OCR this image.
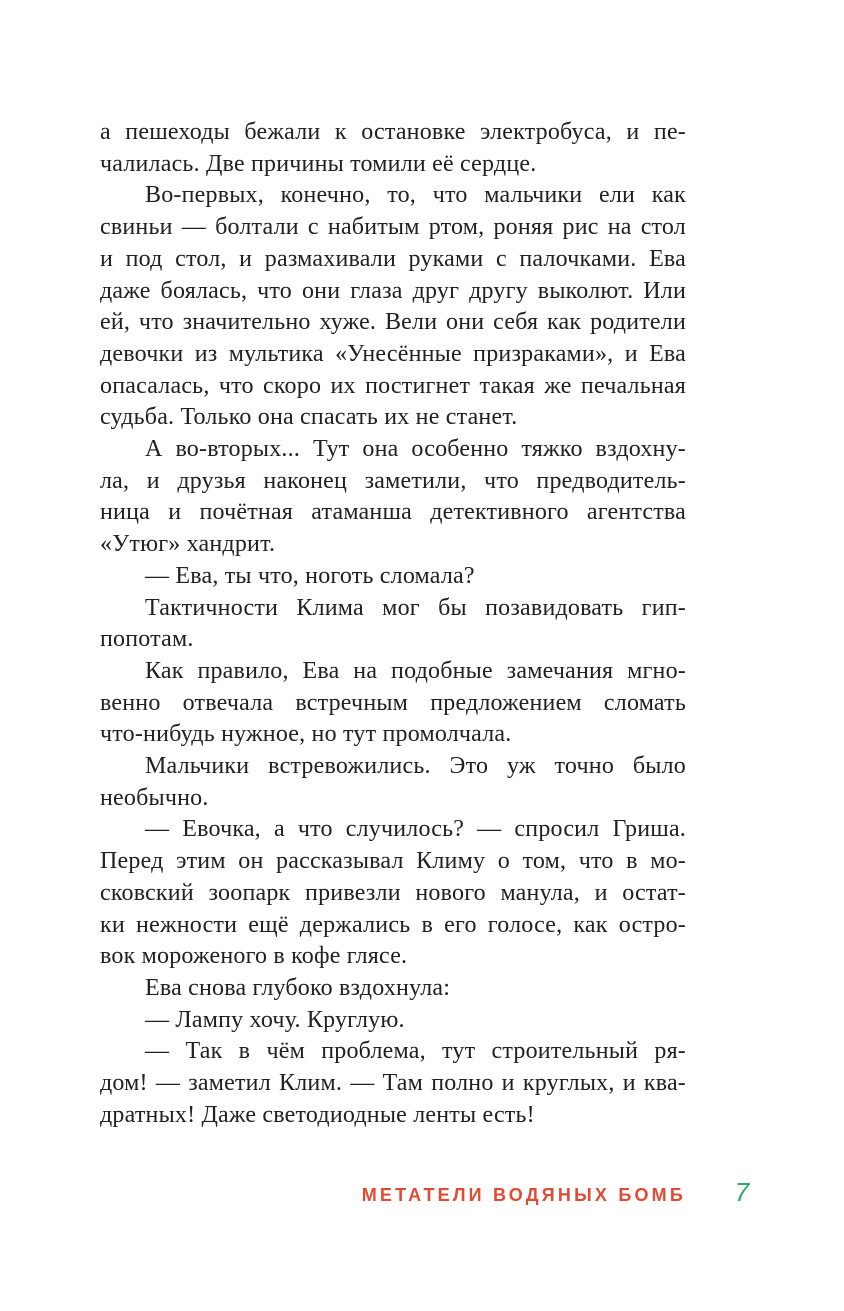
а пешеходы бежали к остановке электробуса, и пе-
чалилась. Две причины томили её сердце.
Во-первых, конечно, то, что мальчики ели как
свиньи — болтали с набитым ртом, роняя рис на стол
и под стол, и размахивали руками с палочками. Ева
даже боялась, что они глаза друг другу выколют. Или
ей, что значительно хуже. Вели они себя как родители
девочки из мультика «Унесённые призраками», и Ева
опасалась, что скоро их постигнет такая же печальная
судьба. Только она спасать их не станет.
А во-вторых... Тут она особенно тяжко вздохну-
ла, и друзья наконец заметили, что предводитель-
ница и почётная атаманша детективного агентства
«Утюг» хандрит.
— Ева, ты что, ноготь сломала?
Тактичности Клима мог бы позавидовать гип-
попотам.
Как правило, Ева на подобные замечания мгно-
венно отвечала встречным предложением сломать
что-нибудь нужное, но тут промолчала.
Мальчики встревожились. Это уж точно было
необычно.
— Евочка, а что случилось? — спросил Гриша.
Перед этим он рассказывал Климу о том, что в мо-
сковский зоопарк привезли нового манула, и остат-
ки нежности ещё держались в его голосе, как остро-
вок мороженого в кофе глясе.
Ева снова глубоко вздохнула:
— Лампу хочу. Круглую.
— Так в чём проблема, тут строительный ря-
дом! — заметил Клим. — Там полно и круглых, и ква-
дратных! Даже светодиодные ленты есть!
МЕТАТЕЛИ ВОДЯНЫХ БОМБ 7
